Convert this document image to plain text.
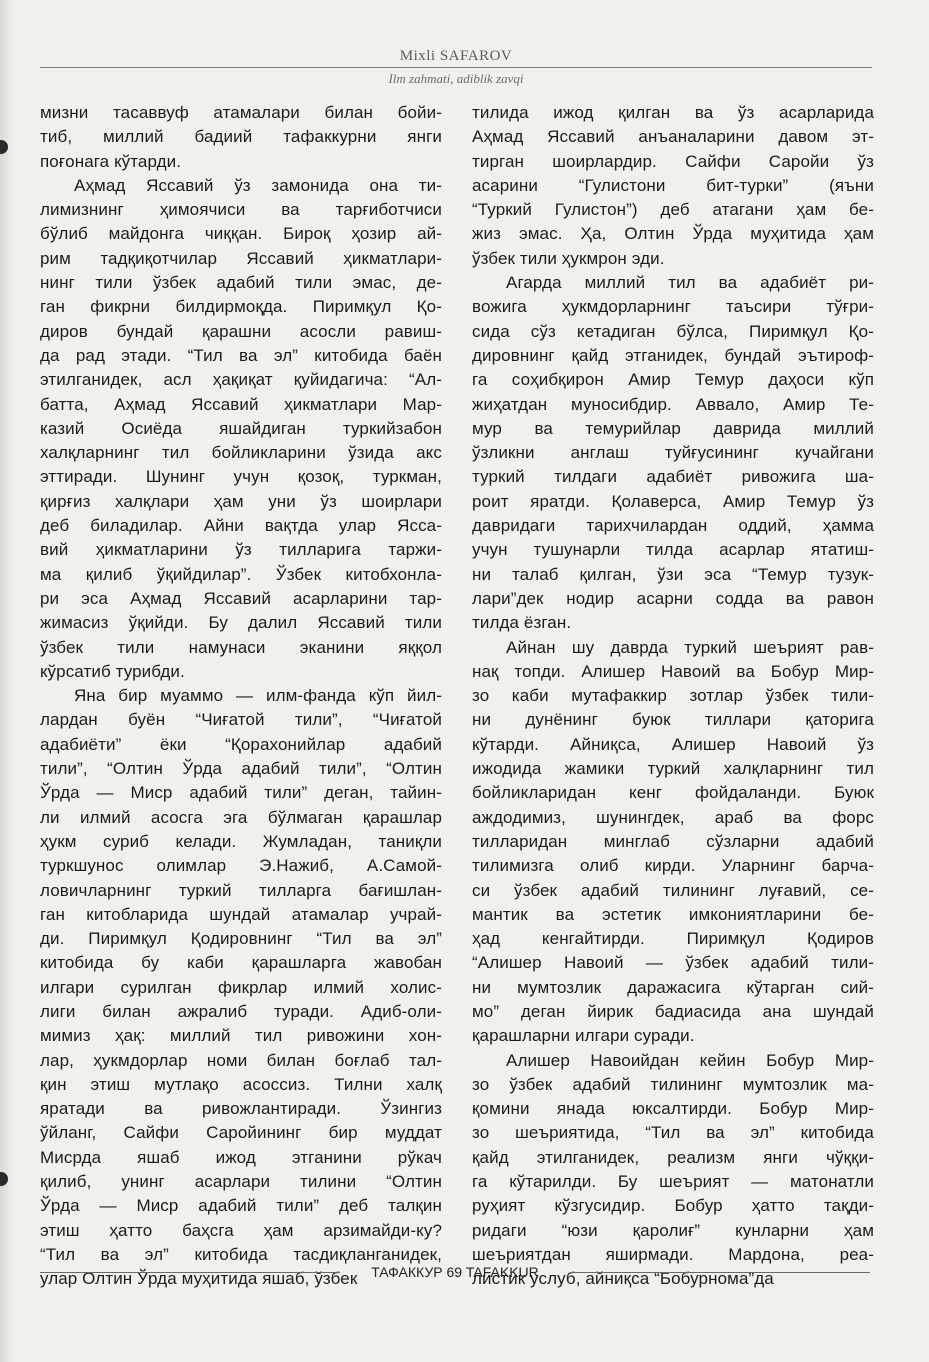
Mixli SAFAROV
Ilm zahmati, adiblik zavqi
мизни тасаввуф атамалари билан бойи-
тиб, миллий бадиий тафаккурни янги
поғонага кўтарди.
Аҳмад Яссавий ўз замонида она ти-
лимизнинг ҳимоячиси ва тарғиботчиси
бўлиб майдонга чиққан. Бироқ ҳозир ай-
рим тадқиқотчилар Яссавий ҳикматлари-
нинг тили ўзбек адабий тили эмас, де-
ган фикрни билдирмоқда. Пиримқул Қо-
диров бундай қарашни асосли равиш-
да рад этади. “Тил ва эл” китобида баён
этилганидек, асл ҳақиқат қуйидагича: “Ал-
батта, Аҳмад Яссавий ҳикматлари Мар-
казий Осиёда яшайдиган туркийзабон
халқларнинг тил бойликларини ўзида акс
эттиради. Шунинг учун қозоқ, туркман,
қирғиз халқлари ҳам уни ўз шоирлари
деб биладилар. Айни вақтда улар Ясса-
вий ҳикматларини ўз тилларига таржи-
ма қилиб ўқийдилар”. Ўзбек китобхонла-
ри эса Аҳмад Яссавий асарларини тар-
жимасиз ўқийди. Бу далил Яссавий тили
ўзбек тили намунаси эканини яққол
кўрсатиб турибди.
Яна бир муаммо — илм-фанда кўп йил-
лардан буён “Чиғатой тили”, “Чиғатой
адабиёти” ёки “Қорахонийлар адабий
тили”, “Олтин Ўрда адабий тили”, “Олтин
Ўрда — Миср адабий тили” деган, тайин-
ли илмий асосга эга бўлмаган қарашлар
ҳукм суриб келади. Жумладан, таниқли
туркшунос олимлар Э.Нажиб, А.Самой-
ловичларнинг туркий тилларга бағишлан-
ган китобларида шундай атамалар учрай-
ди. Пиримқул Қодировнинг “Тил ва эл”
китобида бу каби қарашларга жавобан
илгари сурилган фикрлар илмий холис-
лиги билан ажралиб туради. Адиб-оли-
мимиз ҳақ: миллий тил ривожини хон-
лар, ҳукмдорлар номи билан боғлаб тал-
қин этиш мутлақо асоссиз. Тилни халқ
яратади ва ривожлантиради. Ўзингиз
ўйланг, Сайфи Саройининг бир муддат
Мисрда яшаб ижод этганини рўкач
қилиб, унинг асарлари тилини “Олтин
Ўрда — Миср адабий тили” деб талқин
этиш ҳатто баҳсга ҳам арзимайди-ку?
“Тил ва эл” китобида тасдиқланганидек,
улар Олтин Ўрда муҳитида яшаб, ўзбек
тилида ижод қилган ва ўз асарларида
Аҳмад Яссавий анъаналарини давом эт-
тирган шоирлардир. Сайфи Саройи ўз
асарини “Гулистони бит-турки” (яъни
“Туркий Гулистон”) деб атагани ҳам бе-
жиз эмас. Ҳа, Олтин Ўрда муҳитида ҳам
ўзбек тили ҳукмрон эди.
Агарда миллий тил ва адабиёт ри-
вожига ҳукмдорларнинг таъсири тўғри-
сида сўз кетадиган бўлса, Пиримқул Қо-
дировнинг қайд этганидек, бундай эътироф-
га соҳибқирон Амир Темур даҳоси кўп
жиҳатдан муносибдир. Аввало, Амир Те-
мур ва темурийлар даврида миллий
ўзликни англаш туйғусининг кучайгани
туркий тилдаги адабиёт ривожига ша-
роит яратди. Қолаверса, Амир Темур ўз
давридаги тарихчилардан оддий, ҳамма
учун тушунарли тилда асарлар ятатиш-
ни талаб қилган, ўзи эса “Темур тузук-
лари”дек нодир асарни содда ва равон
тилда ёзган.
Айнан шу даврда туркий шеърият рав-
нақ топди. Алишер Навоий ва Бобур Мир-
зо каби мутафаккир зотлар ўзбек тили-
ни дунёнинг буюк тиллари қаторига
кўтарди. Айниқса, Алишер Навоий ўз
ижодида жамики туркий халқларнинг тил
бойликларидан кенг фойдаланди. Буюк
аждодимиз, шунингдек, араб ва форс
тилларидан минглаб сўзларни адабий
тилимизга олиб кирди. Уларнинг барча-
си ўзбек адабий тилининг луғавий, се-
мантик ва эстетик имкониятларини бе-
ҳад кенгайтирди. Пиримқул Қодиров
“Алишер Навоий — ўзбек адабий тили-
ни мумтозлик даражасига кўтарган сий-
мо” деган йирик бадиасида ана шундай
қарашларни илгари суради.
Алишер Навоийдан кейин Бобур Мир-
зо ўзбек адабий тилининг мумтозлик ма-
қомини янада юксалтирди. Бобур Мир-
зо шеъриятида, “Тил ва эл” китобида
қайд этилганидек, реализм янги чўққи-
га кўтарилди. Бу шеърият — матонатли
руҳият кўзгусидир. Бобур ҳатто тақди-
ридаги “юзи қаролиғ” кунларни ҳам
шеъриятдан яширмади. Мардона, реа-
листик услуб, айниқса “Бобурнома”да
ТАФАККУР 69 TAFAKKUR
